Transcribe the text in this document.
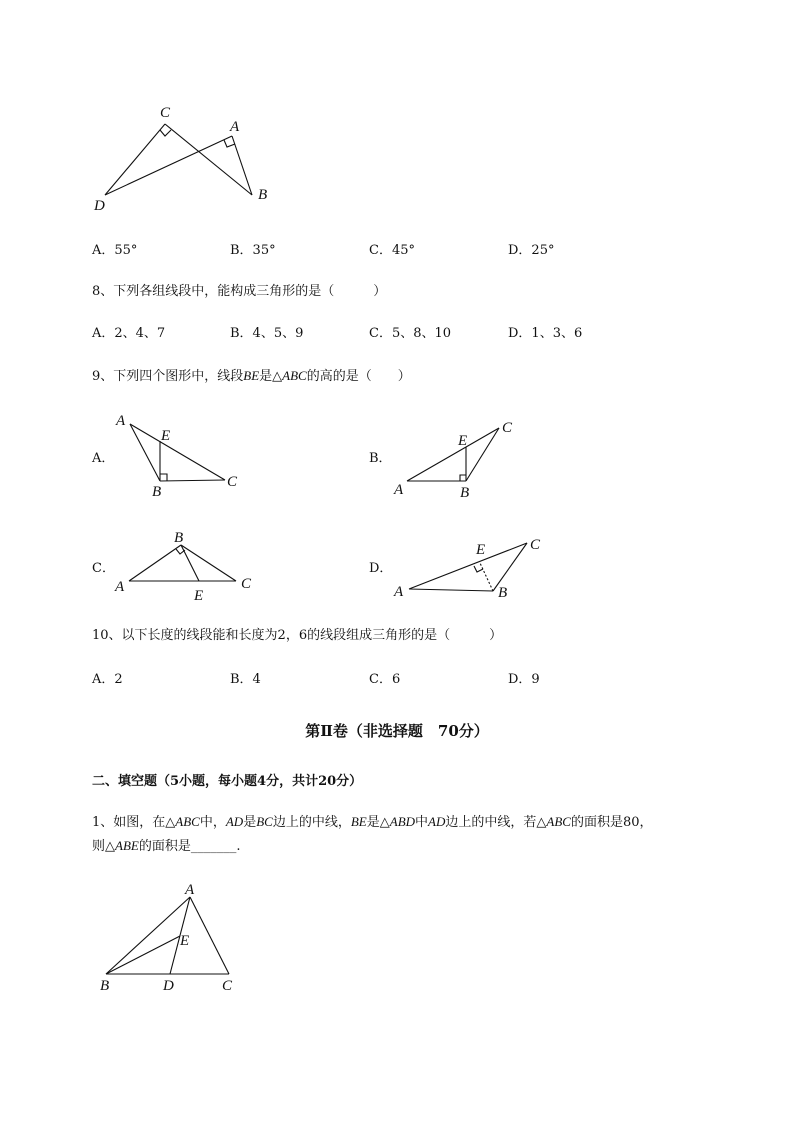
C
A
D
B
A．55°	B．35°	C．45°	D．25°
8、下列各组线段中，能构成三角形的是（　　　）
A．2、4、7	B．4、5、9	C．5、8、10	D．1、3、6
9、下列四个图形中，线段BE是△ABC的高的是（　　）
A．	B．
C．	D．
A
E
B
C
E
C
A	B
B
A	C
E
E	C
A	B
10、以下长度的线段能和长度为2，6的线段组成三角形的是（　　　）
A．2	B．4	C．6	D．9
第Ⅱ卷（非选择题　70分）
二、填空题（5小题，每小题4分，共计20分）
1、如图，在△ABC中，AD是BC边上的中线，BE是△ABD中AD边上的中线，若△ABC的面积是80，
则△ABE的面积是_______.
A
E
B	D	C
